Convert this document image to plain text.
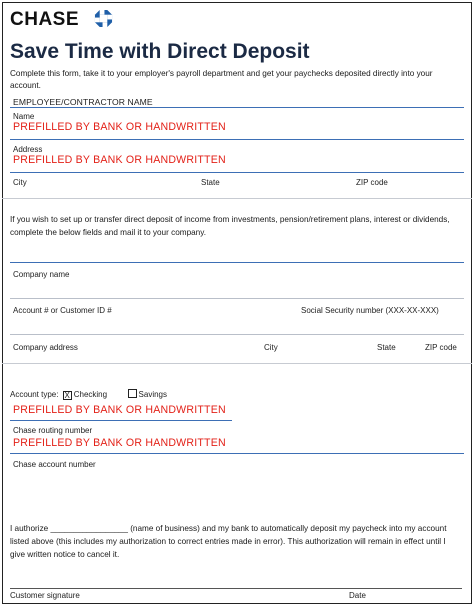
CHASE
Save Time with Direct Deposit
Complete this form, take it to your employer's payroll department and get your paychecks deposited directly into your account.
EMPLOYEE/CONTRACTOR NAME
Name
PREFILLED BY BANK OR HANDWRITTEN
Address
PREFILLED BY BANK OR HANDWRITTEN
City	State	ZIP code
If you wish to set up or transfer direct deposit of income from investments, pension/retirement plans, interest or dividends, complete the below fields and mail it to your company.
Company name
Account # or Customer ID #	Social Security number (XXX-XX-XXX)
Company address	City	State	ZIP code
Account type: X Checking	Savings
PREFILLED BY BANK OR HANDWRITTEN
Chase routing number
PREFILLED BY BANK OR HANDWRITTEN
Chase account number
I authorize _________________ (name of business) and my bank to automatically deposit my paycheck into my account listed above (this includes my authorization to correct entries made in error). This authorization will remain in effect until I give written notice to cancel it.
Customer signature	Date
